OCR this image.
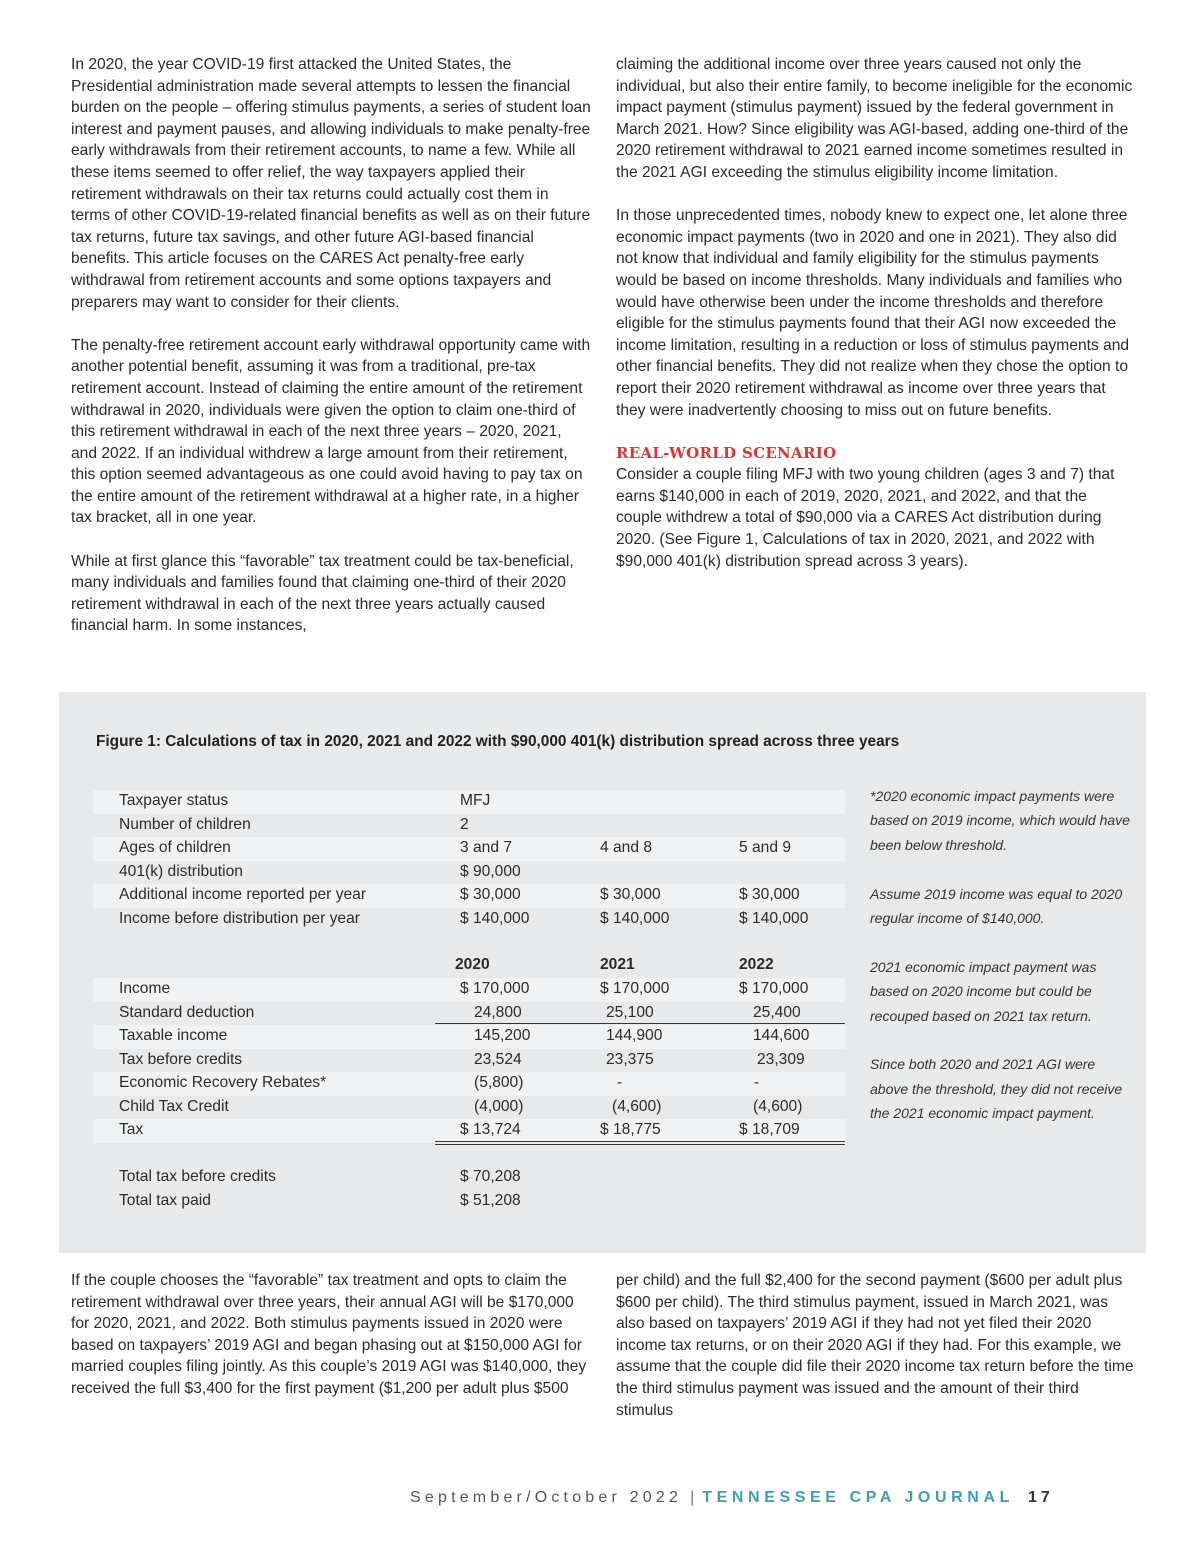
In 2020, the year COVID-19 first attacked the United States, the Presidential administration made several attempts to lessen the financial burden on the people – offering stimulus payments, a series of student loan interest and payment pauses, and allowing individuals to make penalty-free early withdrawals from their retirement accounts, to name a few. While all these items seemed to offer relief, the way taxpayers applied their retirement withdrawals on their tax returns could actually cost them in terms of other COVID-19-related financial benefits as well as on their future tax returns, future tax savings, and other future AGI-based financial benefits. This article focuses on the CARES Act penalty-free early withdrawal from retirement accounts and some options taxpayers and preparers may want to consider for their clients.

The penalty-free retirement account early withdrawal opportunity came with another potential benefit, assuming it was from a traditional, pre-tax retirement account. Instead of claiming the entire amount of the retirement withdrawal in 2020, individuals were given the option to claim one-third of this retirement withdrawal in each of the next three years – 2020, 2021, and 2022. If an individual withdrew a large amount from their retirement, this option seemed advantageous as one could avoid having to pay tax on the entire amount of the retirement withdrawal at a higher rate, in a higher tax bracket, all in one year.

While at first glance this “favorable” tax treatment could be tax-beneficial, many individuals and families found that claiming one-third of their 2020 retirement withdrawal in each of the next three years actually caused financial harm. In some instances,

claiming the additional income over three years caused not only the individual, but also their entire family, to become ineligible for the economic impact payment (stimulus payment) issued by the federal government in March 2021. How? Since eligibility was AGI-based, adding one-third of the 2020 retirement withdrawal to 2021 earned income sometimes resulted in the 2021 AGI exceeding the stimulus eligibility income limitation.

In those unprecedented times, nobody knew to expect one, let alone three economic impact payments (two in 2020 and one in 2021). They also did not know that individual and family eligibility for the stimulus payments would be based on income thresholds. Many individuals and families who would have otherwise been under the income thresholds and therefore eligible for the stimulus payments found that their AGI now exceeded the income limitation, resulting in a reduction or loss of stimulus payments and other financial benefits. They did not realize when they chose the option to report their 2020 retirement withdrawal as income over three years that they were inadvertently choosing to miss out on future benefits.

REAL-WORLD SCENARIO

Consider a couple filing MFJ with two young children (ages 3 and 7) that earns $140,000 in each of 2019, 2020, 2021, and 2022, and that the couple withdrew a total of $90,000 via a CARES Act distribution during 2020. (See Figure 1, Calculations of tax in 2020, 2021, and 2022 with $90,000 401(k) distribution spread across 3 years).

Figure 1: Calculations of tax in 2020, 2021 and 2022 with $90,000 401(k) distribution spread across three years
Taxpayer status	MFJ
Number of children	2
Ages of children	3 and 7	4 and 8	5 and 9
401(k) distribution	$ 90,000
Additional income reported per year	$ 30,000	$ 30,000	$ 30,000
Income before distribution per year	$ 140,000	$ 140,000	$ 140,000
2020	2021	2022
Income	$ 170,000	$ 170,000	$ 170,000
Standard deduction	24,800	25,100	25,400
Taxable income	145,200	144,900	144,600
Tax before credits	23,524	23,375	23,309
Economic Recovery Rebates*	(5,800)	-	-
Child Tax Credit	(4,000)	(4,600)	(4,600)
Tax	$ 13,724	$ 18,775	$ 18,709
Total tax before credits	$ 70,208
Total tax paid	$ 51,208

*2020 economic impact payments were based on 2019 income, which would have been below threshold.

Assume 2019 income was equal to 2020 regular income of $140,000.

2021 economic impact payment was based on 2020 income but could be recouped based on 2021 tax return.

Since both 2020 and 2021 AGI were above the threshold, they did not receive the 2021 economic impact payment.

If the couple chooses the “favorable” tax treatment and opts to claim the retirement withdrawal over three years, their annual AGI will be $170,000 for 2020, 2021, and 2022. Both stimulus payments issued in 2020 were based on taxpayers’ 2019 AGI and began phasing out at $150,000 AGI for married couples filing jointly. As this couple’s 2019 AGI was $140,000, they received the full $3,400 for the first payment ($1,200 per adult plus $500

per child) and the full $2,400 for the second payment ($600 per adult plus $600 per child). The third stimulus payment, issued in March 2021, was also based on taxpayers’ 2019 AGI if they had not yet filed their 2020 income tax returns, or on their 2020 AGI if they had. For this example, we assume that the couple did file their 2020 income tax return before the time the third stimulus payment was issued and the amount of their third stimulus

September/October 2022 | TENNESSEE CPA JOURNAL 17
